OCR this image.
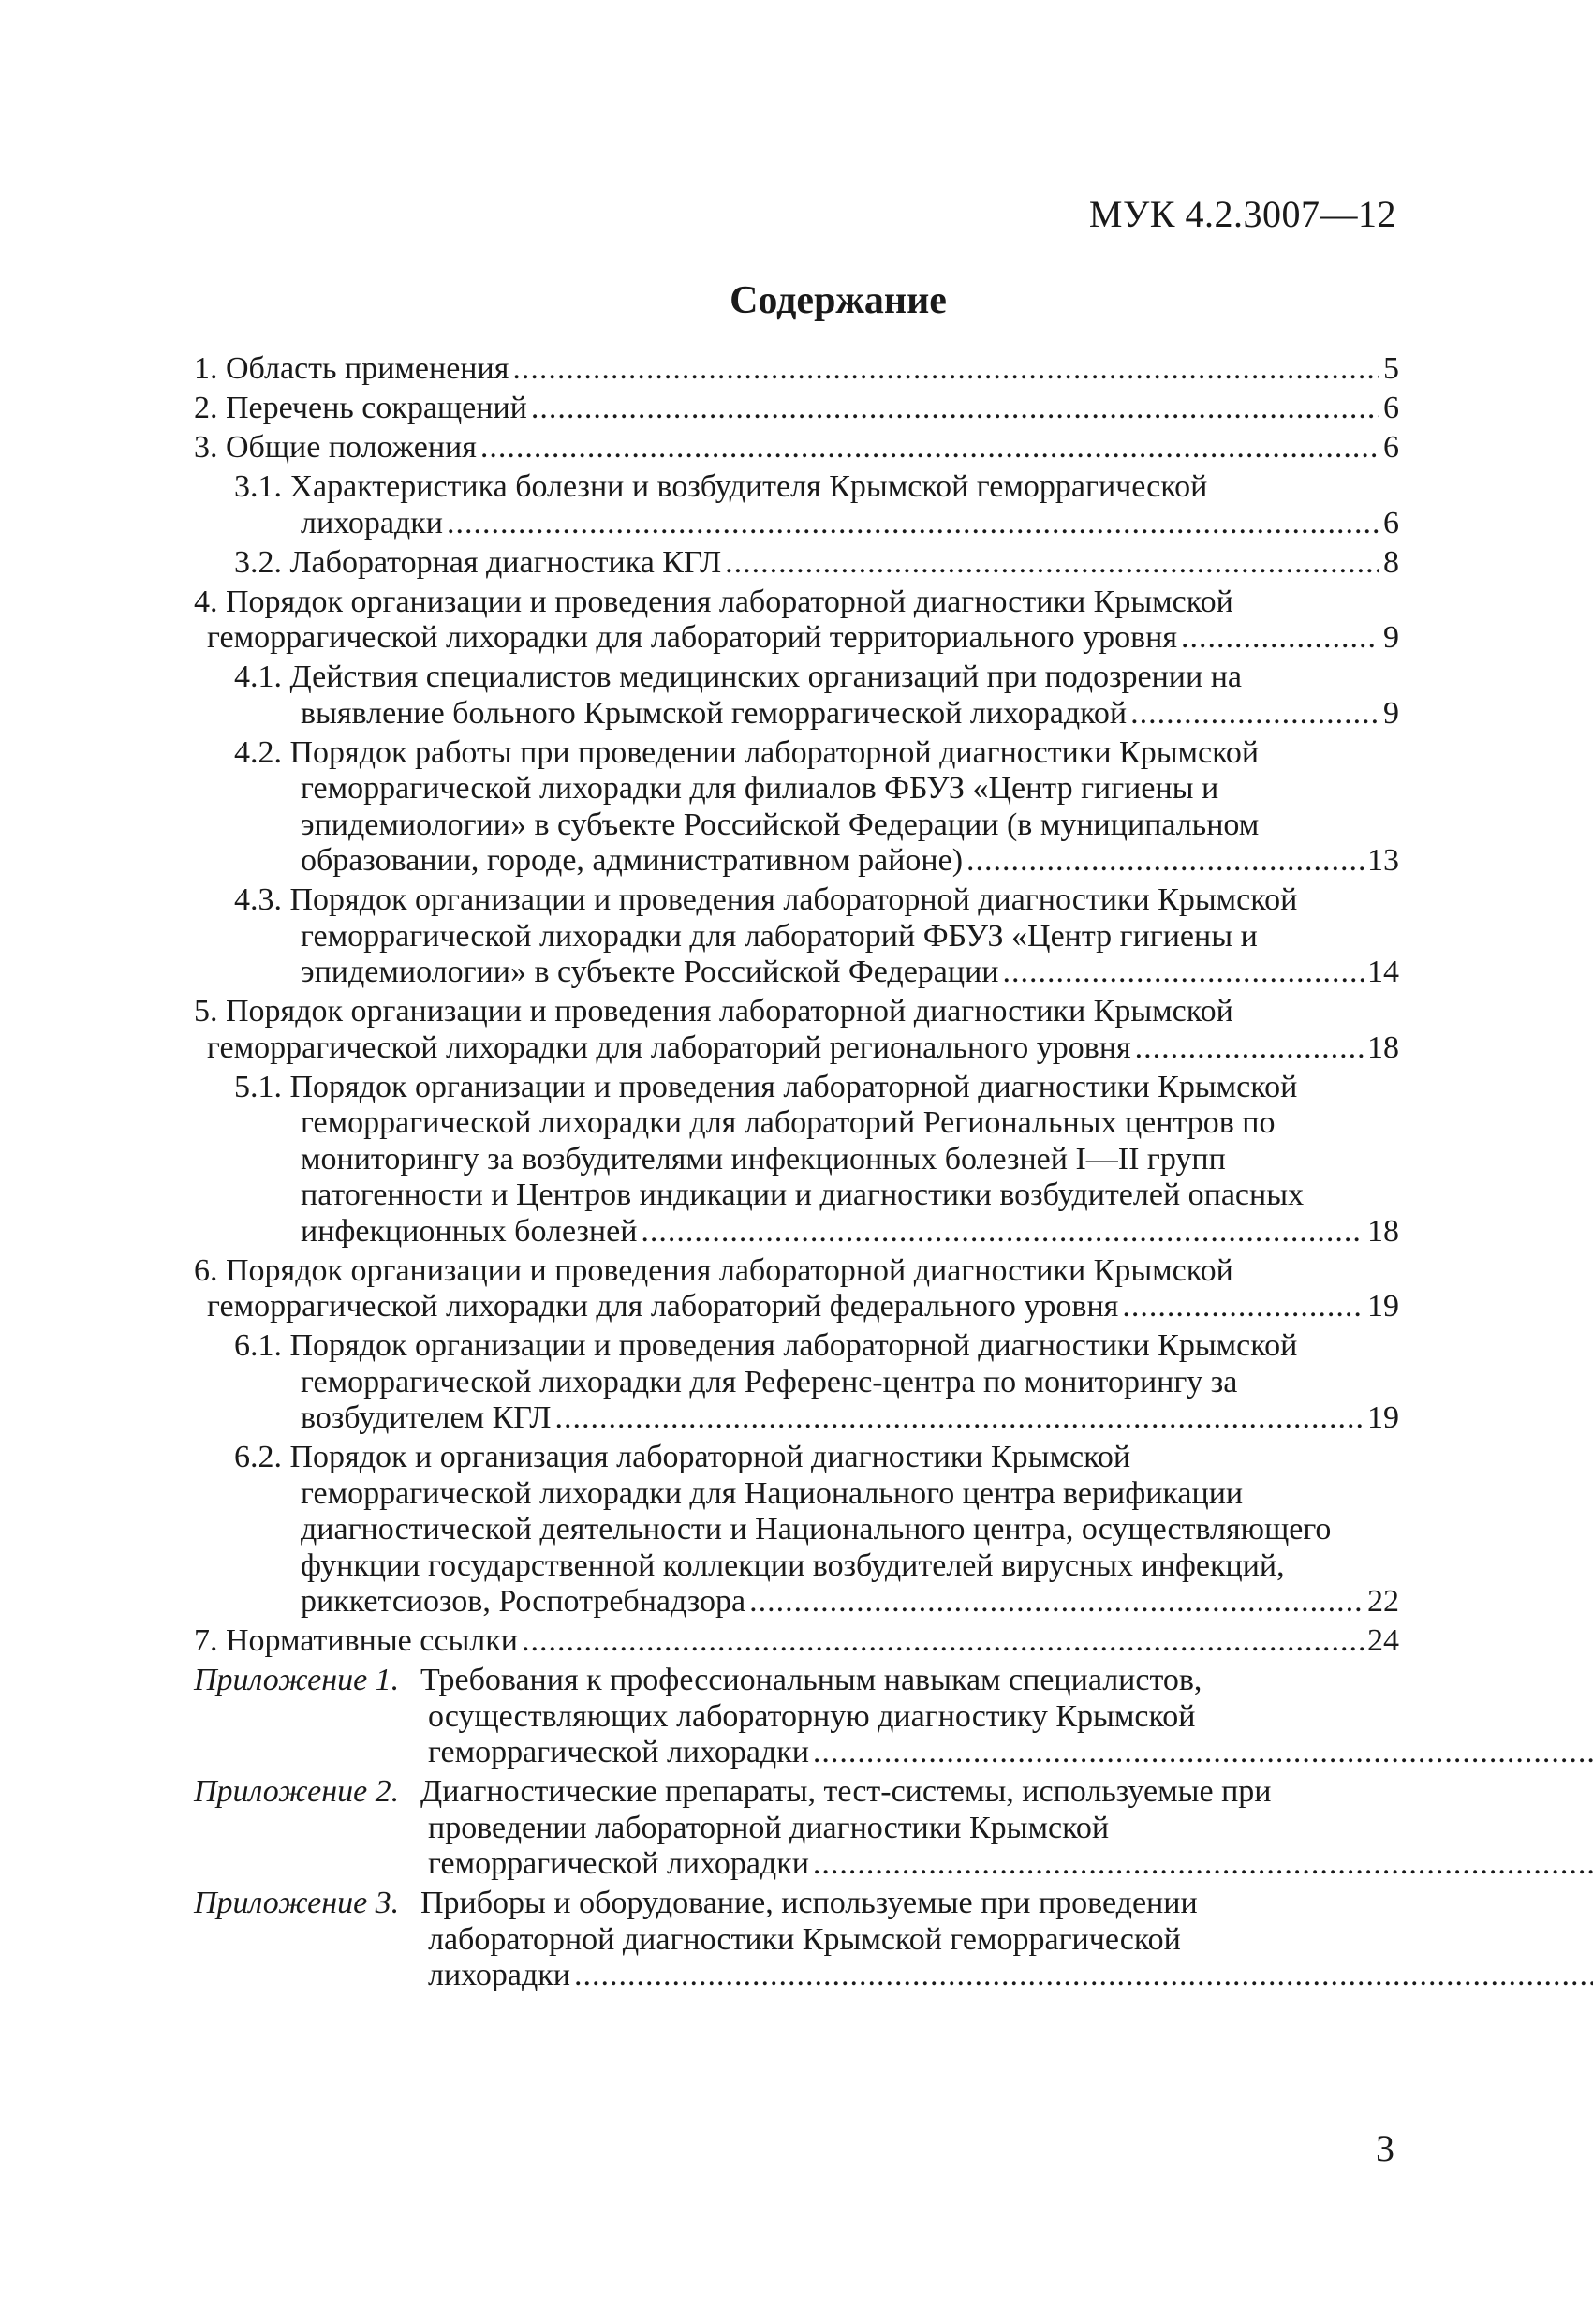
МУК 4.2.3007—12
Содержание
1. Область применения .....	5
2. Перечень сокращений .....	6
3. Общие положения .....	6
3.1. Характеристика болезни и возбудителя Крымской геморрагической
лихорадки .....	6
3.2. Лабораторная диагностика КГЛ .....	8
4. Порядок организации и проведения лабораторной диагностики Крымской
геморрагической лихорадки для лабораторий территориального уровня .....	9
4.1. Действия специалистов медицинских организаций при подозрении на
выявление больного Крымской геморрагической лихорадкой .....	9
4.2. Порядок работы при проведении лабораторной диагностики Крымской
геморрагической лихорадки для филиалов ФБУЗ «Центр гигиены и
эпидемиологии» в субъекте Российской Федерации (в муниципальном
образовании, городе, административном районе) .....	13
4.3. Порядок организации и проведения лабораторной диагностики Крымской
геморрагической лихорадки для лабораторий ФБУЗ «Центр гигиены и
эпидемиологии» в субъекте Российской Федерации .....	14
5. Порядок организации и проведения лабораторной диагностики Крымской
геморрагической лихорадки для лабораторий регионального уровня .....	18
5.1. Порядок организации и проведения лабораторной диагностики Крымской
геморрагической лихорадки для лабораторий Региональных центров по
мониторингу за возбудителями инфекционных болезней I—II групп
патогенности и Центров индикации и диагностики возбудителей опасных
инфекционных болезней .....	18
6. Порядок организации и проведения лабораторной диагностики Крымской
геморрагической лихорадки для лабораторий федерального уровня .....	19
6.1. Порядок организации и проведения лабораторной диагностики Крымской
геморрагической лихорадки для Референс-центра по мониторингу за
возбудителем КГЛ .....	19
6.2. Порядок и организация лабораторной диагностики Крымской
геморрагической лихорадки для Национального центра верификации
диагностической деятельности и Национального центра, осуществляющего
функции государственной коллекции возбудителей вирусных инфекций,
риккетсиозов, Роспотребнадзора .....	22
7. Нормативные ссылки .....	24
Приложение 1. Требования к профессиональным навыкам специалистов,
осуществляющих лабораторную диагностику Крымской
геморрагической лихорадки
.....
Приложение 2. Диагностические препараты, тест-системы, используемые при
проведении лабораторной диагностики Крымской
геморрагической лихорадки
.....
Приложение 3. Приборы и оборудование, используемые при проведении
лабораторной диагностики Крымской геморрагической
лихорадки
.....
3
